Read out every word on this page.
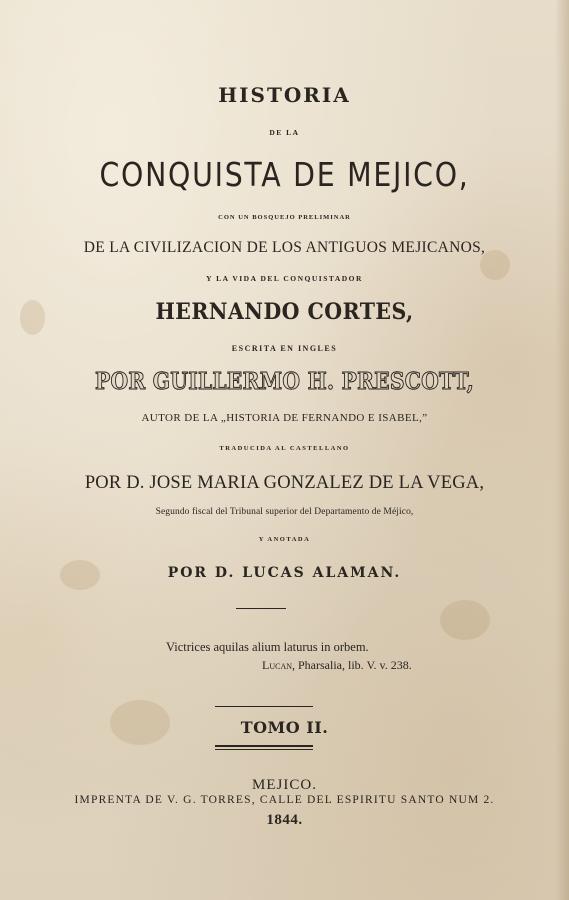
HISTORIA
DE LA
CONQUISTA DE MEJICO,
CON UN BOSQUEJO PRELIMINAR
DE LA CIVILIZACION DE LOS ANTIGUOS MEJICANOS,
Y LA VIDA DEL CONQUISTADOR
HERNANDO CORTES,
ESCRITA EN INGLES
POR GUILLERMO H. PRESCOTT,
AUTOR DE LA „HISTORIA DE FERNANDO E ISABEL,”
TRADUCIDA AL CASTELLANO
POR D. JOSE MARIA GONZALEZ DE LA VEGA,
Segundo fiscal del Tribunal superior del Departamento de Méjico,
Y ANOTADA
POR D. LUCAS ALAMAN.
Victrices aquilas alium laturus in orbem.
Lucan, Pharsalia, lib. V. v. 238.
TOMO II.
MEJICO.
IMPRENTA DE V. G. TORRES, CALLE DEL ESPIRITU SANTO NUM 2.
1844.
